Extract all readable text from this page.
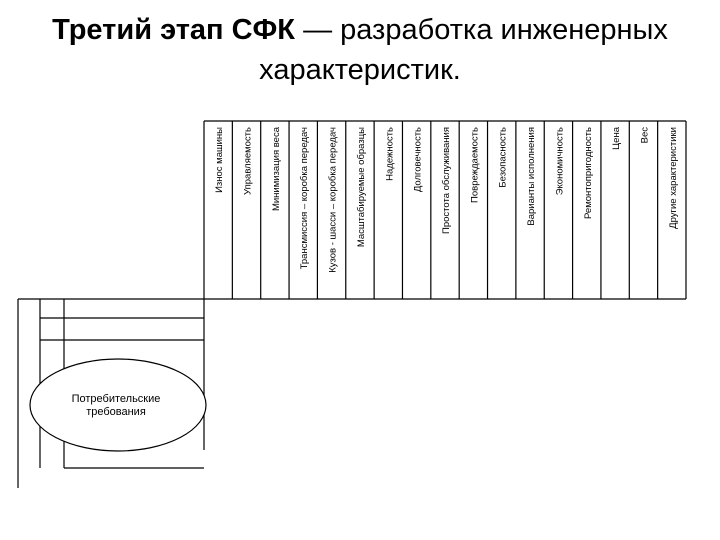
Третий этап СФК — разработка инженерных характеристик.
Износ машины Управляемость Минимизация веса Трансмиссия – коробка передач Кузов - шасси – коробка передач Масштабируемые образцы Надежность Долговечность Простота обслуживания Повреждаемость Безопасность Варианты исполнения Экономичность Ремонтопригодность Цена Вес Другие характеристики
Потребительские требования
